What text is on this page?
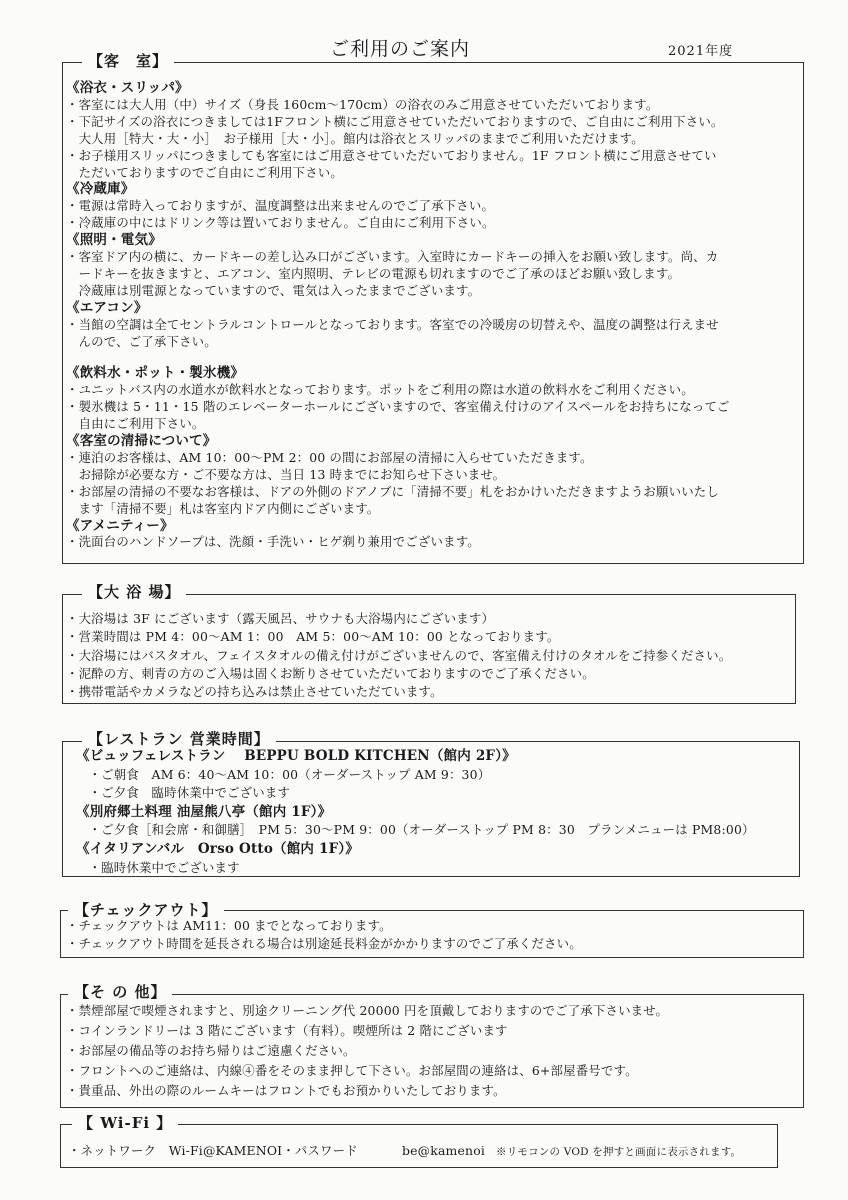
ご利用のご案内	2021年度
【客　室】
《浴衣・スリッパ》
・客室には大人用（中）サイズ（身長 160cm～170cm）の浴衣のみご用意させていただいております。
・下記サイズの浴衣につきましては1Fフロント横にご用意させていただいておりますので、ご自由にご利用下さい。
　大人用［特大・大・小］　お子様用［大・小］。館内は浴衣とスリッパのままでご利用いただけます。
・お子様用スリッパにつきましても客室にはご用意させていただいておりません。1F フロント横にご用意させてい
　ただいておりますのでご自由にご利用下さい。
《冷蔵庫》
・電源は常時入っておりますが、温度調整は出来ませんのでご了承下さい。
・冷蔵庫の中にはドリンク等は置いておりません。ご自由にご利用下さい。
《照明・電気》
・客室ドア内の横に、カードキーの差し込み口がございます。入室時にカードキーの挿入をお願い致します。尚、カ
　ードキーを抜きますと、エアコン、室内照明、テレビの電源も切れますのでご了承のほどお願い致します。
　冷蔵庫は別電源となっていますので、電気は入ったままでございます。
《エアコン》
・当館の空調は全てセントラルコントロールとなっております。客室での冷暖房の切替えや、温度の調整は行えませ
　んので、ご了承下さい。
《飲料水・ポット・製氷機》
・ユニットバス内の水道水が飲料水となっております。ポットをご利用の際は水道の飲料水をご利用ください。
・製氷機は 5・11・15 階のエレベーターホールにございますので、客室備え付けのアイスペールをお持ちになってご
　自由にご利用下さい。
《客室の清掃について》
・連泊のお客様は、AM 10：00～PM 2：00 の間にお部屋の清掃に入らせていただきます。
　お掃除が必要な方・ご不要な方は、当日 13 時までにお知らせ下さいませ。
・お部屋の清掃の不要なお客様は、ドアの外側のドアノブに「清掃不要」札をおかけいただきますようお願いいたし
　ます「清掃不要」札は客室内ドア内側にございます。
《アメニティー》
・洗面台のハンドソープは、洗顔・手洗い・ヒゲ剃り兼用でございます。
【大 浴 場】
・大浴場は 3F にございます（露天風呂、サウナも大浴場内にございます）
・営業時間は PM 4：00～AM 1：00　AM 5：00～AM 10：00 となっております。
・大浴場にはバスタオル、フェイスタオルの備え付けがございませんので、客室備え付けのタオルをご持参ください。
・泥酔の方、刺青の方のご入場は固くお断りさせていただいておりますのでご了承ください。
・携帯電話やカメラなどの持ち込みは禁止させていただています。
【レストラン 営業時間】
《ビュッフェレストラン　 BEPPU BOLD KITCHEN（館内 2F）》
　・ご朝食　AM 6：40～AM 10：00（オーダーストップ AM 9：30）
　・ご夕食　臨時休業中でございます
《別府郷土料理 油屋熊八亭（館内 1F）》
　・ご夕食［和会席・和御膳］　PM 5：30～PM 9：00（オーダーストップ PM 8：30　プランメニューは PM8:00）
《イタリアンバル　Orso Otto（館内 1F）》
　・臨時休業中でございます
【チェックアウト】
・チェックアウトは AM11：00 までとなっております。
・チェックアウト時間を延長される場合は別途延長料金がかかりますのでご了承ください。
【そ の 他】
・禁煙部屋で喫煙されますと、別途クリーニング代 20000 円を頂戴しておりますのでご了承下さいませ。
・コインランドリーは 3 階にございます（有料）。喫煙所は 2 階にございます
・お部屋の備品等のお持ち帰りはご遠慮ください。
・フロントへのご連絡は、内線④番をそのまま押して下さい。お部屋間の連絡は、6+部屋番号です。
・貴重品、外出の際のルームキーはフロントでもお預かりいたしております。
【 Wi-Fi 】
・ネットワーク　Wi-Fi@KAMENOI・パスワード	be@kamenoi ※リモコンの VOD を押すと画面に表示されます。
